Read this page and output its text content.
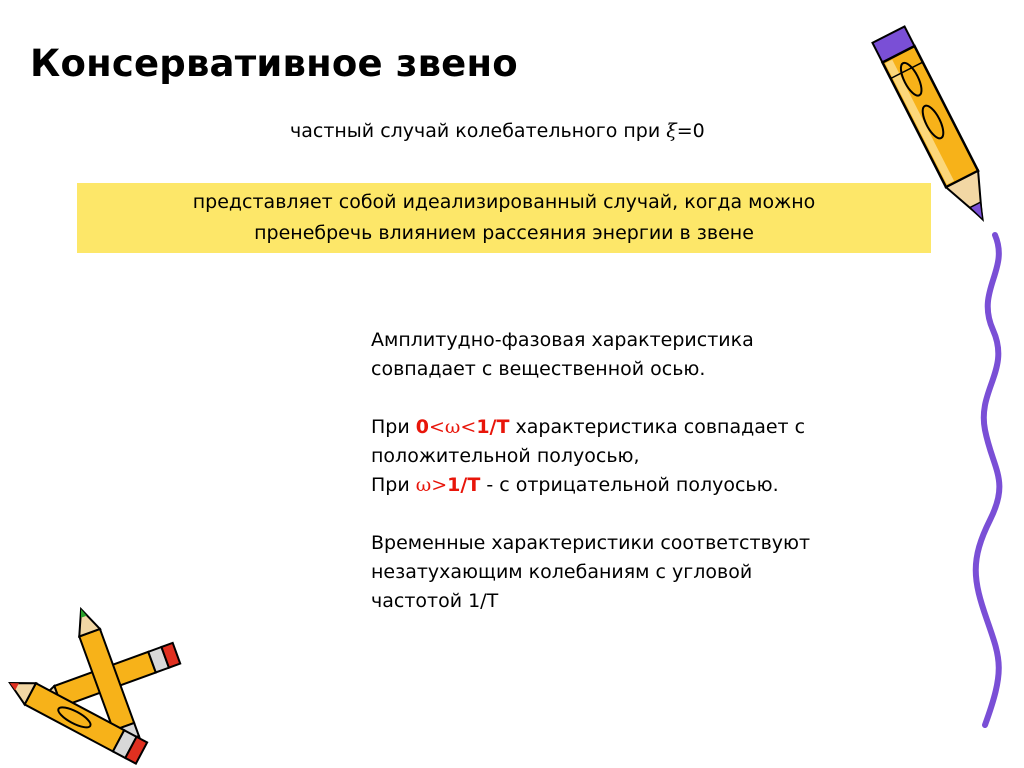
Консервативное звено
частный случай колебательного при ξ=0
представляет собой идеализированный случай, когда можно
пренебречь влиянием рассеяния энергии в звене

Амплитудно-фазовая характеристика
совпадает с вещественной осью.

При 0<ω<1/T характеристика совпадает с
положительной полуосью,
При ω>1/T - с отрицательной полуосью.

Временные характеристики соответствуют
незатухающим колебаниям с угловой
частотой 1/T
